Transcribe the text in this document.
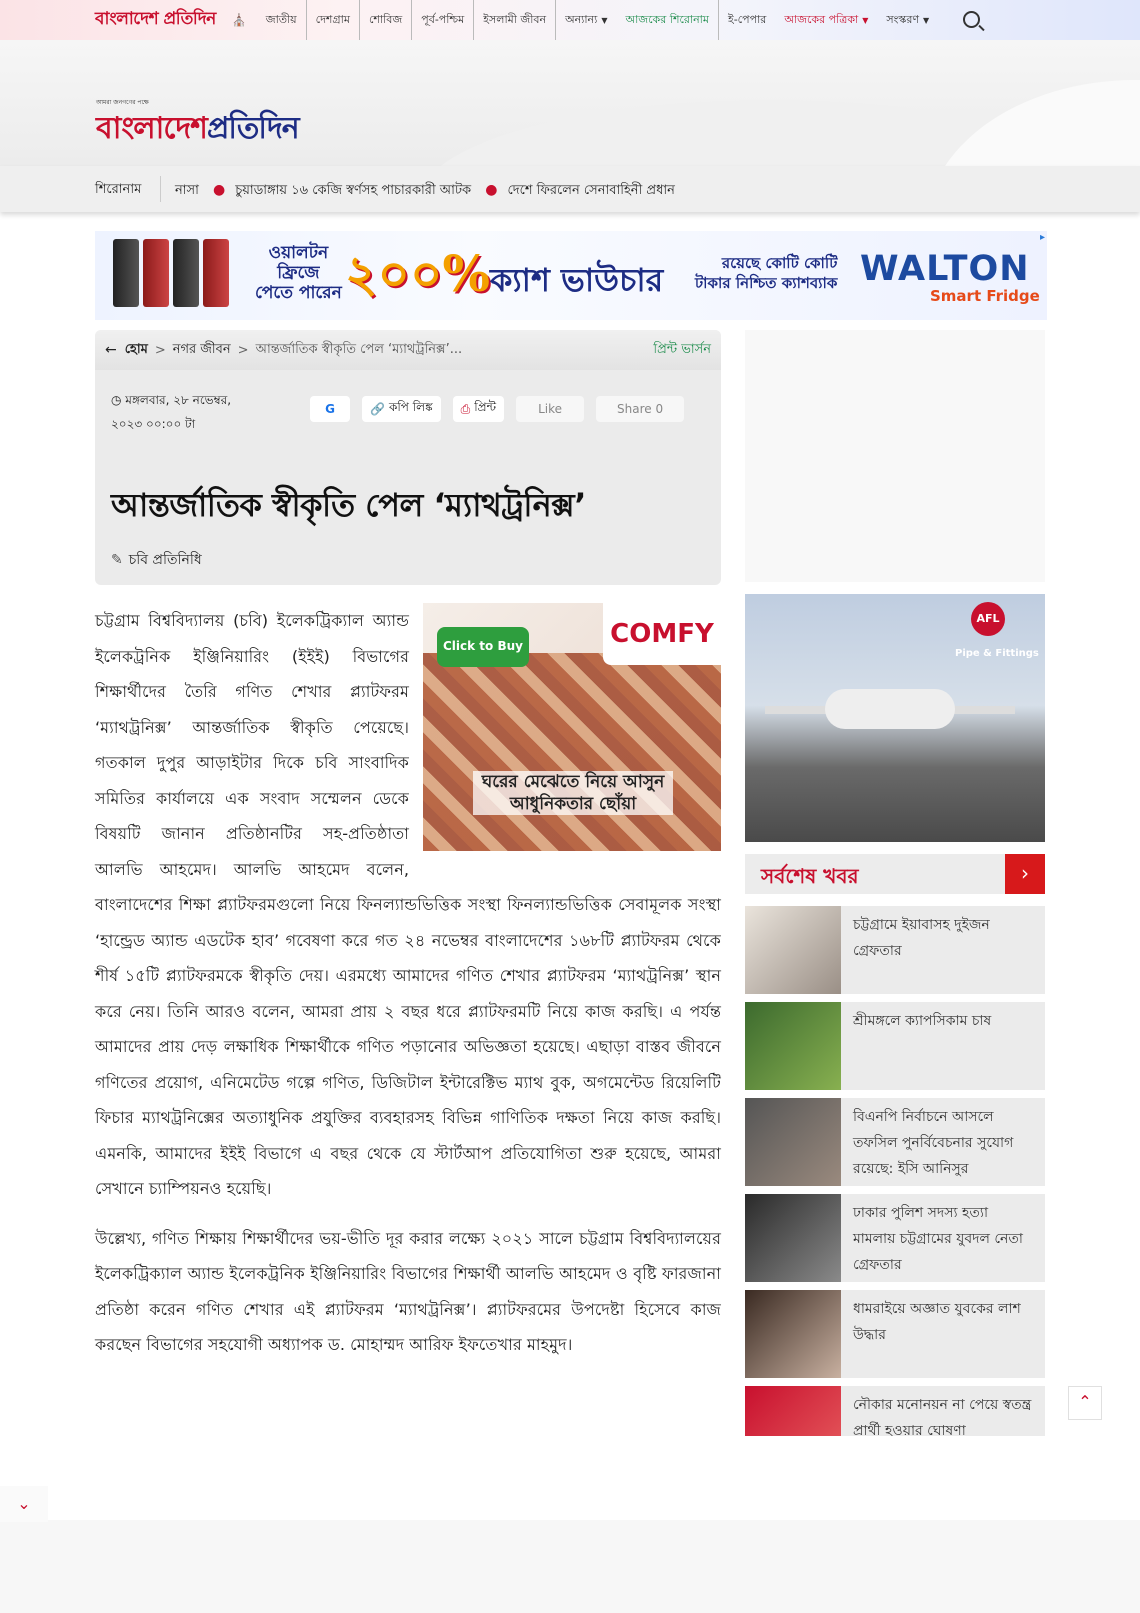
বাংলাদেশ প্রতিদিন ⛪	জাতীয়	দেশগ্রাম	শোবিজ	পূর্ব-পশ্চিম	ইসলামী জীবন	অন্যান্য ▼	আজকের শিরোনাম	ই-পেপার	আজকের পত্রিকা ▼	সংস্করণ ▼
আমরা জনগণের পক্ষে
বাংলাদেশপ্রতিদিন
শিরোনাম	নাসা ● চুয়াডাঙ্গায় ১৬ কেজি স্বর্ণসহ পাচারকারী আটক ● দেশে ফিরলেন সেনাবাহিনী প্রধান
ওয়ালটন
ফ্রিজে
পেতে পারেন ২০০% ক্যাশ ভাউচার	রয়েছে কোটি কোটি
টাকার নিশ্চিত ক্যাশব্যাক WALTON
Smart Fridge
▸
← হোম > নগর জীবন > আন্তর্জাতিক স্বীকৃতি পেল ‘ম্যাথট্রনিক্স’...	প্রিন্ট ভার্সন
◷ মঙ্গলবার, ২৮ নভেম্বর, ২০২৩ ০০:০০ টা
G	🔗 কপি লিঙ্ক ⎙ প্রিন্ট	Like	Share 0
আন্তর্জাতিক স্বীকৃতি পেল ‘ম্যাথট্রনিক্স’
✎ চবি প্রতিনিধি
Click to Buy	COMFY
ঘরের মেঝেতে নিয়ে আসুন আধুনিকতার ছোঁয়া

চট্টগ্রাম বিশ্ববিদ্যালয় (চবি) ইলেকট্রিক্যাল অ্যান্ড ইলেকট্রনিক ইঞ্জিনিয়ারিং (ইইই) বিভাগের শিক্ষার্থীদের তৈরি গণিত শেখার প্ল্যাটফরম ‘ম্যাথট্রনিক্স’ আন্তর্জাতিক স্বীকৃতি পেয়েছে। গতকাল দুপুর আড়াইটার দিকে চবি সাংবাদিক সমিতির কার্যালয়ে এক সংবাদ সম্মেলন ডেকে বিষয়টি জানান প্রতিষ্ঠানটির সহ-প্রতিষ্ঠাতা আলভি আহমেদ। আলভি আহমেদ বলেন, বাংলাদেশের শিক্ষা প্ল্যাটফরমগুলো নিয়ে ফিনল্যান্ডভিত্তিক সংস্থা ফিনল্যান্ডভিত্তিক সেবামূলক সংস্থা ‘হান্ড্রেড অ্যান্ড এডটেক হাব’ গবেষণা করে গত ২৪ নভেম্বর বাংলাদেশের ১৬৮টি প্ল্যাটফরম থেকে শীর্ষ ১৫টি প্ল্যাটফরমকে স্বীকৃতি দেয়। এরমধ্যে আমাদের গণিত শেখার প্ল্যাটফরম ‘ম্যাথট্রনিক্স’ স্থান করে নেয়। তিনি আরও বলেন, আমরা প্রায় ২ বছর ধরে প্ল্যাটফরমটি নিয়ে কাজ করছি। এ পর্যন্ত আমাদের প্রায় দেড় লক্ষাধিক শিক্ষার্থীকে গণিত পড়ানোর অভিজ্ঞতা হয়েছে। এছাড়া বাস্তব জীবনে গণিতের প্রয়োগ, এনিমেটেড গল্পে গণিত, ডিজিটাল ইন্টারেক্টিভ ম্যাথ বুক, অগমেন্টেড রিয়েলিটি ফিচার ম্যাথট্রনিক্সের অত্যাধুনিক প্রযুক্তির ব্যবহারসহ বিভিন্ন গাণিতিক দক্ষতা নিয়ে কাজ করছি। এমনকি, আমাদের ইইই বিভাগে এ বছর থেকে যে স্টার্টআপ প্রতিযোগিতা শুরু হয়েছে, আমরা সেখানে চ্যাম্পিয়নও হয়েছি।

উল্লেখ্য, গণিত শিক্ষায় শিক্ষার্থীদের ভয়-ভীতি দূর করার লক্ষ্যে ২০২১ সালে চট্টগ্রাম বিশ্ববিদ্যালয়ের ইলেকট্রিক্যাল অ্যান্ড ইলেকট্রনিক ইঞ্জিনিয়ারিং বিভাগের শিক্ষার্থী আলভি আহমেদ ও বৃষ্টি ফারজানা প্রতিষ্ঠা করেন গণিত শেখার এই প্ল্যাটফরম ‘ম্যাথট্রনিক্স’। প্ল্যাটফরমের উপদেষ্টা হিসেবে কাজ করছেন বিভাগের সহযোগী অধ্যাপক ড. মোহাম্মদ আরিফ ইফতেখার মাহমুদ।

AFL
Pipe & Fittings
সর্বশেষ খবর	›
চট্টগ্রামে ইয়াবাসহ দুইজন গ্রেফতার
শ্রীমঙ্গলে ক্যাপসিকাম চাষ
বিএনপি নির্বাচনে আসলে তফসিল পুনর্বিবেচনার সুযোগ রয়েছে: ইসি আনিসুর
ঢাকার পুলিশ সদস্য হত্যা মামলায় চট্টগ্রামের যুবদল নেতা গ্রেফতার
ধামরাইয়ে অজ্ঞাত যুবকের লাশ উদ্ধার
নৌকার মনোনয়ন না পেয়ে স্বতন্ত্র প্রার্থী হওয়ার ঘোষণা
⌃
⌄
